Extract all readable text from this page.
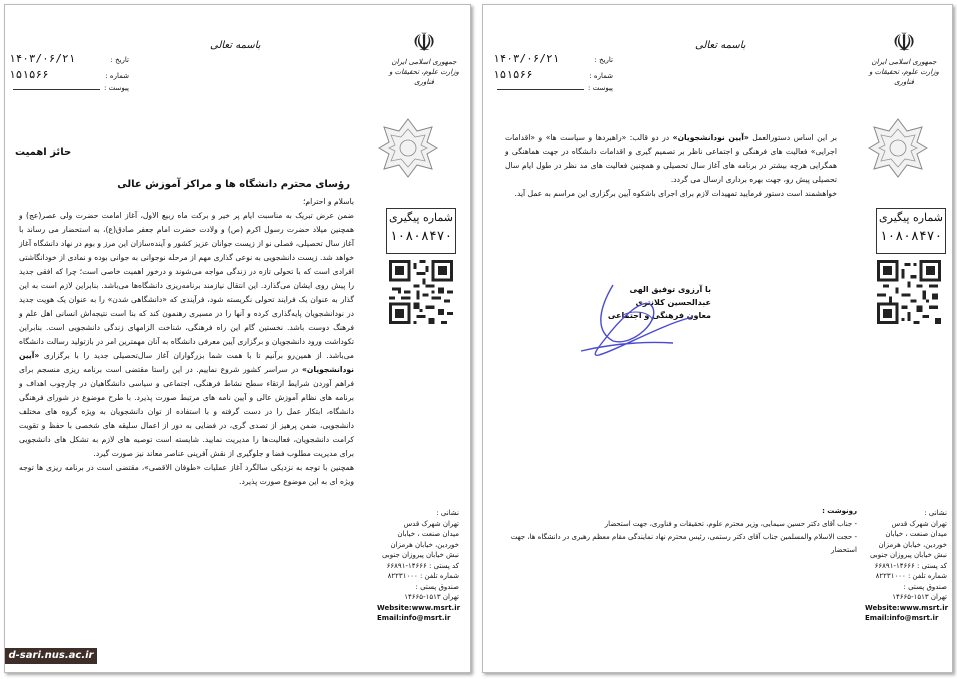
باسمه تعالی	☫
جمهوری اسلامی ایران
وزارت علوم، تحقیقات و فناوری
۱۴۰۳/۰۶/۲۱	تاریخ :
۱۵۱۵۶۶	شماره :
پیوست :
شماره پیگیری
۱۰۸۰۸۴۷۰
نشانی :
تهران شهرک قدس
میدان صنعت ، خیابان
خوردین، خیابان هرمزان
نبش خیابان پیروزان جنوبی
کد پستی : ۱۴۶۶۶-۶۶۸۹۱
شماره تلفن : ۸۲۲۳۱۰۰۰
صندوق پستی :
تهران ۱۵۱۳-۱۴۶۶۵
Website:www.msrt.ir
Email:info@msrt.ir
حائز اهمیت
رؤسای محترم دانشگاه ها و مراکز آموزش عالی

باسلام و احترام؛

ضمن عرض تبریک به مناسبت ایام پر خیر و برکت ماه ربیع الاول، آغاز امامت حضرت ولی عصر(عج) و همچنین میلاد حضرت رسول اکرم (ص) و ولادت حضرت امام جعفر صادق(ع)، به استحضار می رساند با آغاز سال تحصیلی، فصلی نو از زیست جوانان عزیز کشور و آینده‌سازان این مرز و بوم در نهاد دانشگاه آغاز خواهد شد. زیست دانشجویی به نوعی گذاری مهم از مرحله نوجوانی به جوانی بوده و نمادی از خودانگاشتی افرادی است که با تحولی تازه در زندگی مواجه می‌شوند و درخور اهمیت خاصی است؛ چرا که افقی جدید را پیش روی ایشان می‌گذارد. این انتقال نیازمند برنامه‌ریزی دانشگاه‌ها می‌باشد. بنابراین لازم است به این گذار به عنوان یک فرایند تحولی نگریسته شود، فرآیندی که «دانشگاهی شدن» را به عنوان یک هویت جدید در نودانشجویان پایه‌گذاری کرده و آنها را در مسیری رهنمون کند که بنا است نتیجه‌اش انسانی اهل علم و فرهنگ دوست باشد. نخستین گام این راه فرهنگی، شناخت الزامهای زندگی دانشجویی است. بنابراین تکوداشت ورود دانشجویان و برگزاری آیین معرفی دانشگاه به آنان مهمترین امر در بازتولید رسالت دانشگاه می‌باشد. از همین‌رو برآنیم تا با همت شما بزرگواران آغاز سال‌تحصیلی جدید را با برگزاری «آیین نودانشجویان» در سراسر کشور شروع نماییم. در این راستا مقتضی است برنامه ریزی منسجم برای فراهم آوردن شرایط ارتقاء سطح نشاط فرهنگی، اجتماعی و سیاسی دانشگاهیان در چارچوب اهداف و برنامه های نظام آموزش عالی و آیین نامه های مرتبط صورت پذیرد. با طرح موضوع در شورای فرهنگی دانشگاه، ابتکار عمل را در دست گرفته و با استفاده از توان دانشجویان به ویژه گروه های مختلف دانشجویی، ضمن پرهیز از تصدی گری، در فضایی به دور از اعمال سلیقه های شخصی با حفظ و تقویت کرامت دانشجویان، فعالیت‌ها را مدیریت نمایید. شایسته است توصیه های لازم به تشکل های دانشجویی برای مدیریت مطلوب فضا و جلوگیری از نقش آفرینی عناصر معاند نیز صورت گیرد.

همچنین با توجه به نزدیکی سالگرد آغاز عملیات «طوفان الاقصی»، مقتضی است در برنامه ریزی ها توجه ویژه ای به این موضوع صورت پذیرد.

d-sari.nus.ac.ir
باسمه تعالی	☫
جمهوری اسلامی ایران
وزارت علوم، تحقیقات و فناوری
۱۴۰۳/۰۶/۲۱	تاریخ :
۱۵۱۵۶۶	شماره :
پیوست :
شماره پیگیری
۱۰۸۰۸۴۷۰
نشانی :
تهران شهرک قدس
میدان صنعت ، خیابان
خوردین، خیابان هرمزان
نبش خیابان پیروزان جنوبی
کد پستی : ۱۴۶۶۶-۶۶۸۹۱
شماره تلفن : ۸۲۲۳۱۰۰۰
صندوق پستی :
تهران ۱۵۱۳-۱۴۶۶۵
Website:www.msrt.ir
Email:info@msrt.ir

بر این اساس دستورالعمل «آیین نودانشجویان» در دو قالب: «راهبردها و سیاست ها» و «اقدامات اجرایی» فعالیت های فرهنگی و اجتماعی ناظر بر تصمیم گیری و اقدامات دانشگاه در جهت هماهنگی و همگرایی هرچه بیشتر در برنامه های آغاز سال تحصیلی و همچنین فعالیت های مد نظر در طول ایام سال تحصیلی پیش رو، جهت بهره برداری ارسال می گردد.

خواهشمند است دستور فرمایید تمهیدات لازم برای اجرای باشکوه آیین برگزاری این مراسم به عمل آید.

با آرزوی توفیق الهی
عبدالحسین کلانتری
معاون فرهنگی و اجتماعی
رونوشت :
- جناب آقای دکتر حسین سیمایی، وزیر محترم علوم، تحقیقات و فناوری، جهت استحضار
- حجت الاسلام والمسلمین جناب آقای دکتر رستمی، رئیس محترم نهاد نمایندگی مقام معظم رهبری در دانشگاه ها، جهت استحضار
